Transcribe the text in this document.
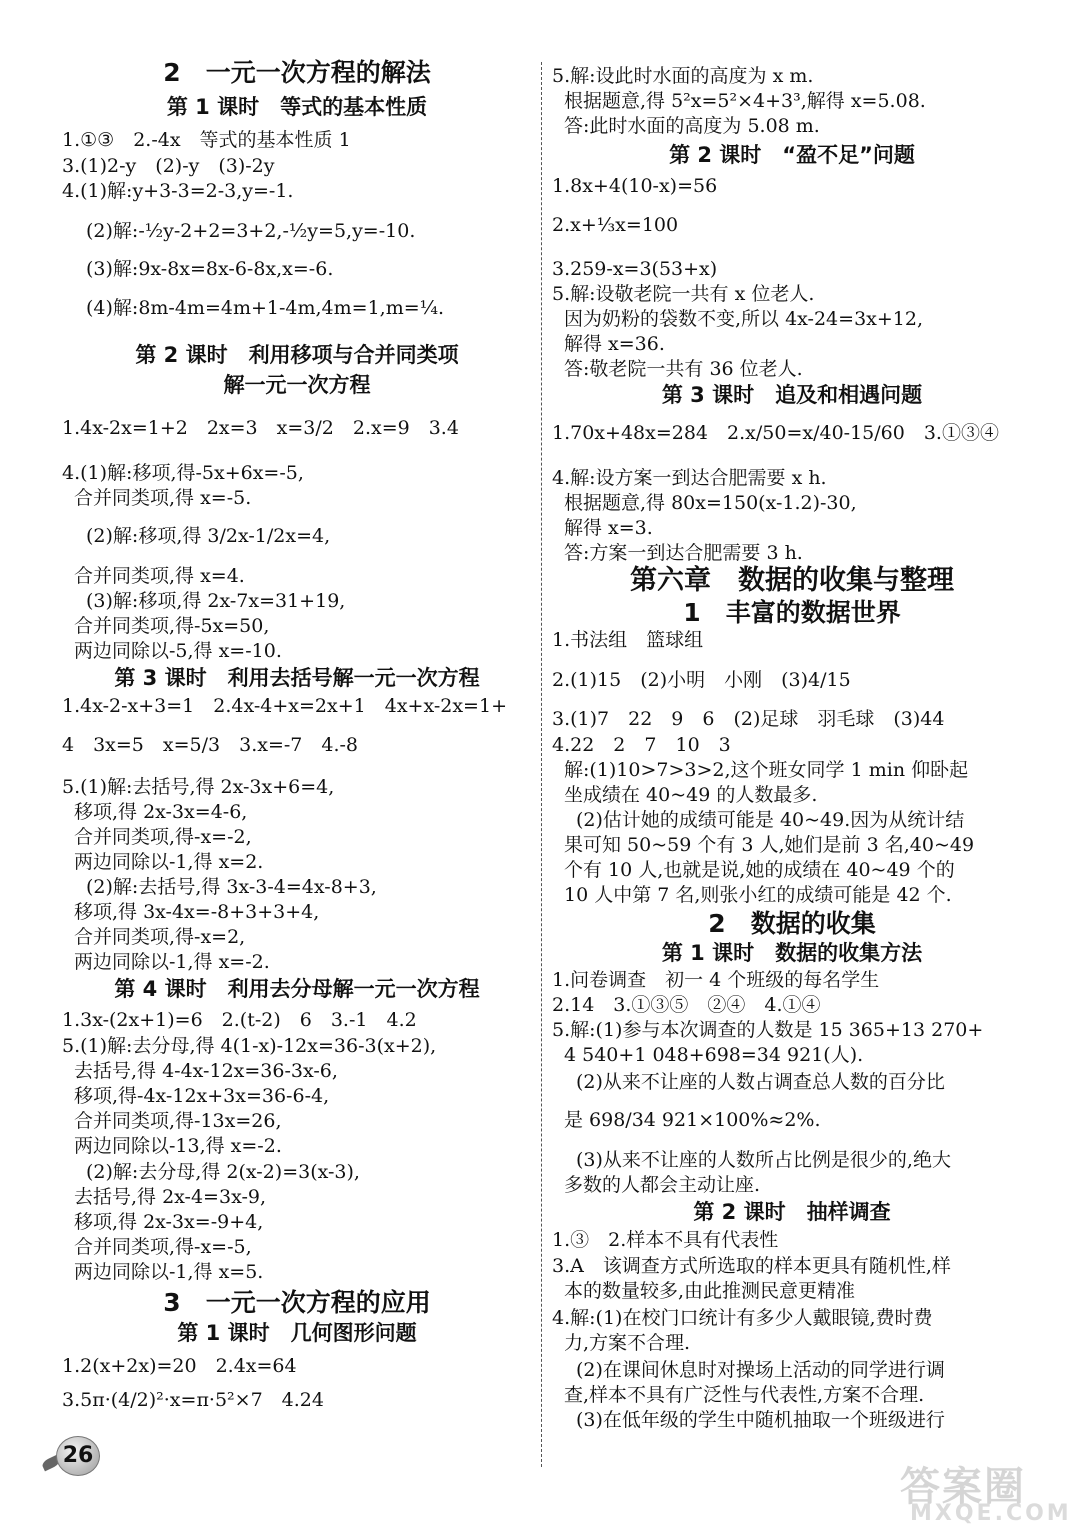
2　一元一次方程的解法
第 1 课时　等式的基本性质
1.①③　2.-4x　等式的基本性质 1
3.(1)2-y　(2)-y　(3)-2y
4.(1)解:y+3-3=2-3,y=-1.
(2)解:-½y-2+2=3+2,-½y=5,y=-10.
(3)解:9x-8x=8x-6-8x,x=-6.
(4)解:8m-4m=4m+1-4m,4m=1,m=¼.
第 2 课时　利用移项与合并同类项
解一元一次方程
1.4x-2x=1+2　2x=3　x=3/2　2.x=9　3.4
4.(1)解:移项,得-5x+6x=-5,
合并同类项,得 x=-5.
(2)解:移项,得 3/2x-1/2x=4,
合并同类项,得 x=4.
(3)解:移项,得 2x-7x=31+19,
合并同类项,得-5x=50,
两边同除以-5,得 x=-10.
第 3 课时　利用去括号解一元一次方程
1.4x-2-x+3=1　2.4x-4+x=2x+1　4x+x-2x=1+
4　3x=5　x=5/3　3.x=-7　4.-8
5.(1)解:去括号,得 2x-3x+6=4,
移项,得 2x-3x=4-6,
合并同类项,得-x=-2,
两边同除以-1,得 x=2.
(2)解:去括号,得 3x-3-4=4x-8+3,
移项,得 3x-4x=-8+3+3+4,
合并同类项,得-x=2,
两边同除以-1,得 x=-2.
第 4 课时　利用去分母解一元一次方程
1.3x-(2x+1)=6　2.(t-2)　6　3.-1　4.2
5.(1)解:去分母,得 4(1-x)-12x=36-3(x+2),
去括号,得 4-4x-12x=36-3x-6,
移项,得-4x-12x+3x=36-6-4,
合并同类项,得-13x=26,
两边同除以-13,得 x=-2.
(2)解:去分母,得 2(x-2)=3(x-3),
去括号,得 2x-4=3x-9,
移项,得 2x-3x=-9+4,
合并同类项,得-x=-5,
两边同除以-1,得 x=5.
3　一元一次方程的应用
第 1 课时　几何图形问题
1.2(x+2x)=20　2.4x=64
3.5π·(4/2)²·x=π·5²×7　4.24
5.解:设此时水面的高度为 x m.
根据题意,得 5²x=5²×4+3³,解得 x=5.08.
答:此时水面的高度为 5.08 m.
第 2 课时　“盈不足”问题
1.8x+4(10-x)=56
2.x+⅓x=100
3.259-x=3(53+x)
5.解:设敬老院一共有 x 位老人.
因为奶粉的袋数不变,所以 4x-24=3x+12,
解得 x=36.
答:敬老院一共有 36 位老人.
第 3 课时　追及和相遇问题
1.70x+48x=284　2.x/50=x/40-15/60　3.①③④
4.解:设方案一到达合肥需要 x h.
根据题意,得 80x=150(x-1.2)-30,
解得 x=3.
答:方案一到达合肥需要 3 h.
第六章　数据的收集与整理
1　丰富的数据世界
1.书法组　篮球组
2.(1)15　(2)小明　小刚　(3)4/15
3.(1)7　22　9　6　(2)足球　羽毛球　(3)44
4.22　2　7　10　3
解:(1)10>7>3>2,这个班女同学 1 min 仰卧起
坐成绩在 40~49 的人数最多.
(2)估计她的成绩可能是 40~49.因为从统计结
果可知 50~59 个有 3 人,她们是前 3 名,40~49
个有 10 人,也就是说,她的成绩在 40~49 个的
10 人中第 7 名,则张小红的成绩可能是 42 个.
2　数据的收集
第 1 课时　数据的收集方法
1.问卷调查　初一 4 个班级的每名学生
2.14　3.①③⑤　②④　4.①④
5.解:(1)参与本次调查的人数是 15 365+13 270+
4 540+1 048+698=34 921(人).
(2)从来不让座的人数占调查总人数的百分比
是 698/34 921×100%≈2%.
(3)从来不让座的人数所占比例是很少的,绝大
多数的人都会主动让座.
第 2 课时　抽样调查
1.③　2.样本不具有代表性
3.A　该调查方式所选取的样本更具有随机性,样
本的数量较多,由此推测民意更精准
4.解:(1)在校门口统计有多少人戴眼镜,费时费
力,方案不合理.
(2)在课间休息时对操场上活动的同学进行调
查,样本不具有广泛性与代表性,方案不合理.
(3)在低年级的学生中随机抽取一个班级进行
26
答案圈
MXQE.COM
